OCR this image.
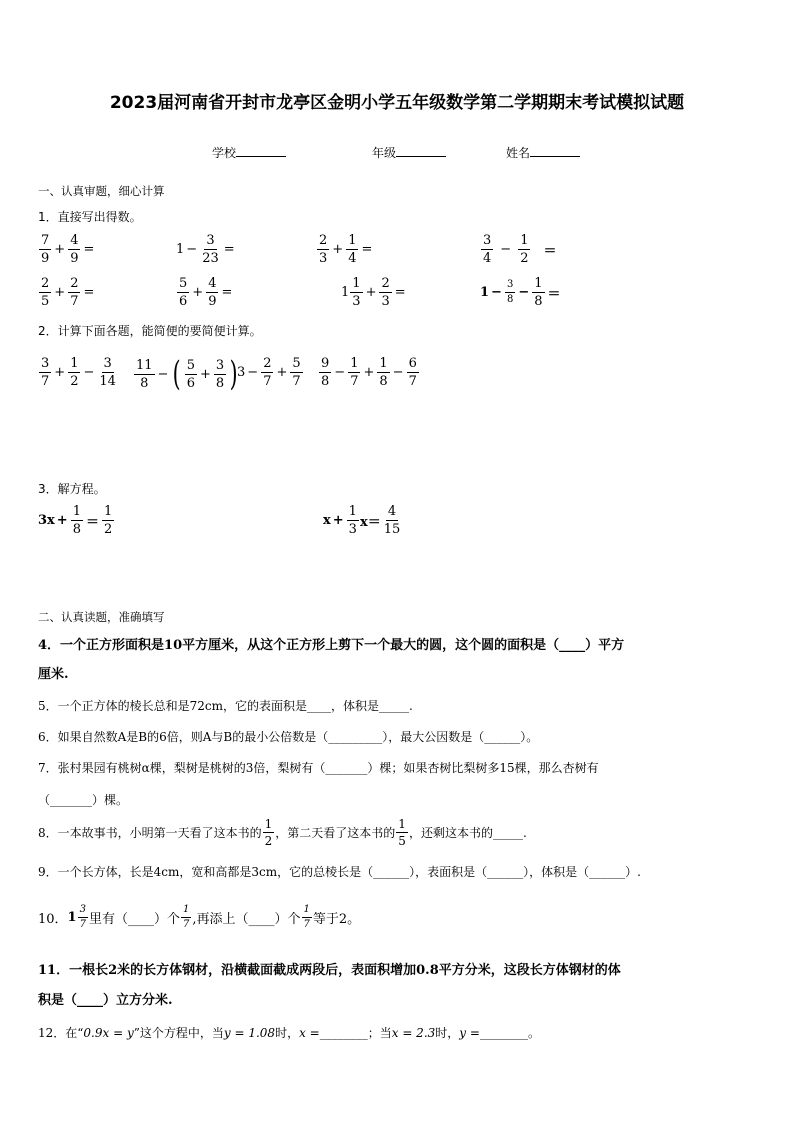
2023届河南省开封市龙亭区金明小学五年级数学第二学期期末考试模拟试题
学校	年级	姓名
一、认真审题，细心计算
1．直接写出得数。
$\frac{7}{9} + \frac{4}{9}$ =	$1 - \frac{3}{23}$ =	$\frac{2}{3} + \frac{1}{4}$ =	$\frac{3}{4} - \frac{1}{2}$ ＝
$\frac{2}{5} + \frac{2}{7}$ =	$\frac{5}{6} + \frac{4}{9}$ =	$1 \frac{1}{3} + \frac{2}{3}$ =	$1 - \frac{3}{8} - \frac{1}{8}$ ＝
2．计算下面各题，能简便的要简便计算。
$\frac{3}{7} + \frac{1}{2} - \frac{3}{14} \frac{11}{8}$ − ( $\frac{5}{6} + \frac{3}{8}$ ) $3 - \frac{2}{7} + \frac{5}{7} \frac{9}{8} - \frac{1}{7} + \frac{1}{8} - \frac{6}{7}$
3．解方程。
$3x + \frac{1}{8} = \frac{1}{2}$	$x + \frac{1}{3} x= \frac{4}{15}$
二、认真读题，准确填写
4．一个正方形面积是10平方厘米，从这个正方形上剪下一个最大的圆，这个圆的面积是（____）平方
厘米.
5．一个正方体的棱长总和是72cm，它的表面积是____，体积是_____.
6．如果自然数A是B的6倍，则A与B的最小公倍数是（_________），最大公因数是（______）。
7．张村果园有桃树α棵，梨树是桃树的3倍，梨树有（_______）棵；如果杏树比梨树多15棵，那么杏树有
（_______）棵。
8．一本故事书，小明第一天看了这本书的 $\frac{1}{2}$ ，第二天看了这本书的 $\frac{1}{5}$ ，还剩这本书的_____.
9．一个长方体，长是4cm，宽和高都是3cm，它的总棱长是（______），表面积是（______），体积是（______）.
10． $1 \frac{3}{7}$ 里有（____）个 $\frac{1}{7}$ ,再添上（____）个 $\frac{1}{7}$ 等于2。
11．一根长2米的长方体钢材，沿横截面截成两段后，表面积增加0.8平方分米，这段长方体钢材的体
积是（____）立方分米.
12．在“0.9x = y”这个方程中，当y = 1.08时，x =________；当x = 2.3时，y =________。
